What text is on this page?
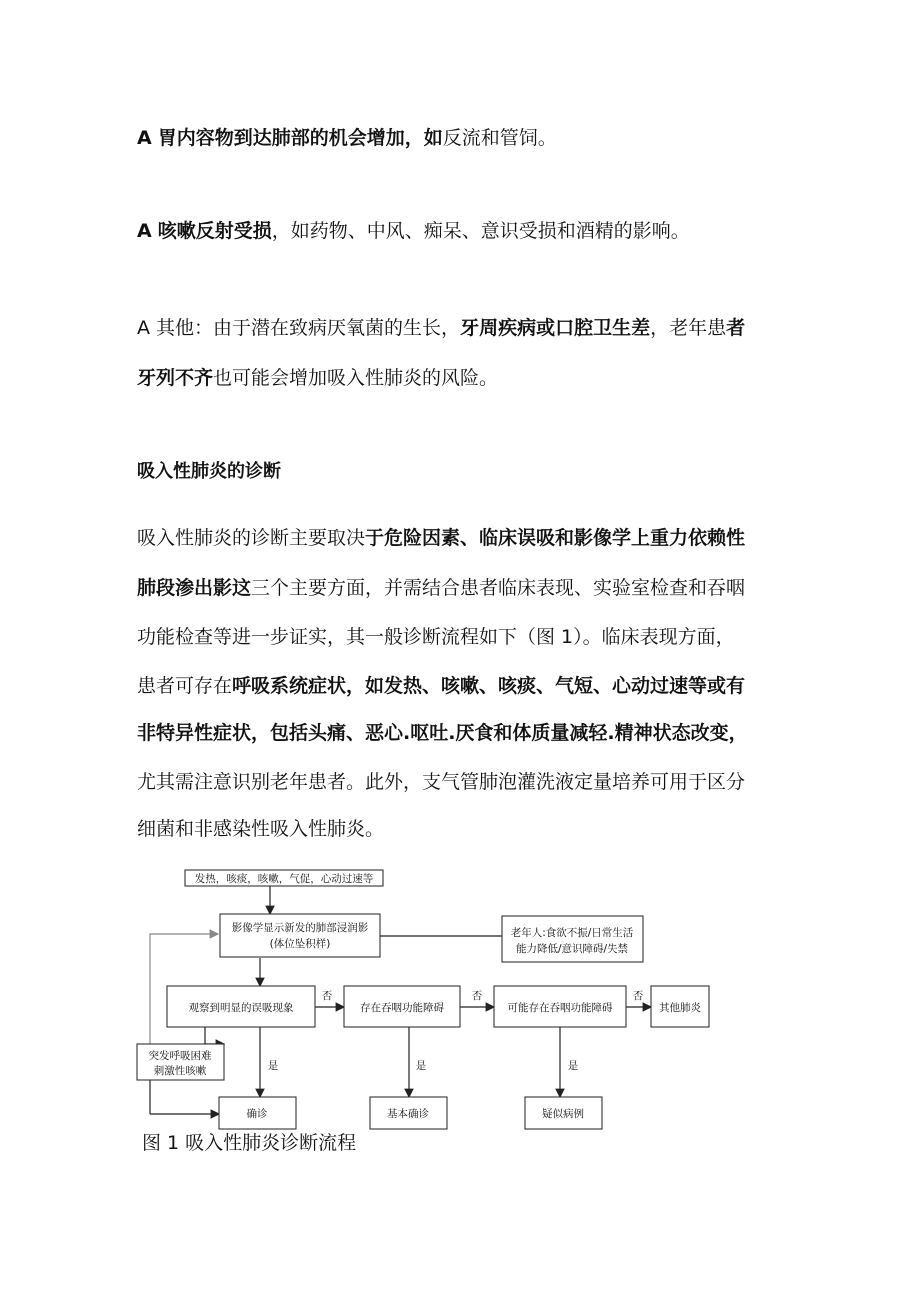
A 胃内容物到达肺部的机会增加，如反流和管饲。
A 咳嗽反射受损，如药物、中风、痴呆、意识受损和酒精的影响。
A 其他：由于潜在致病厌氧菌的生长，牙周疾病或口腔卫生差，老年患者
牙列不齐也可能会增加吸入性肺炎的风险。
吸入性肺炎的诊断
吸入性肺炎的诊断主要取决于危险因素、临床误吸和影像学上重力依赖性
肺段渗出影这三个主要方面，并需结合患者临床表现、实验室检查和吞咽
功能检查等进一步证实，其一般诊断流程如下（图 1）。临床表现方面，
患者可存在呼吸系统症状，如发热、咳嗽、咳痰、气短、心动过速等或有
非特异性症状，包括头痛、恶心.呕吐.厌食和体质量减轻.精神状态改变，
尤其需注意识别老年患者。此外，支气管肺泡灌洗液定量培养可用于区分
细菌和非感染性吸入性肺炎。
发热，咳痰，咳嗽，气促，心动过速等
影像学显示新发的肺部浸润影
(体位坠积样)
老年人:食欲不振/日常生活
能力降低/意识障碍/失禁
观察到明显的误吸现象	存在吞咽功能障碍	可能存在吞咽功能障碍	其他肺炎
突发呼吸困难
刺激性咳嗽
确诊	基本确诊	疑似病例
否	否	否
是	是	是
图 1 吸入性肺炎诊断流程
